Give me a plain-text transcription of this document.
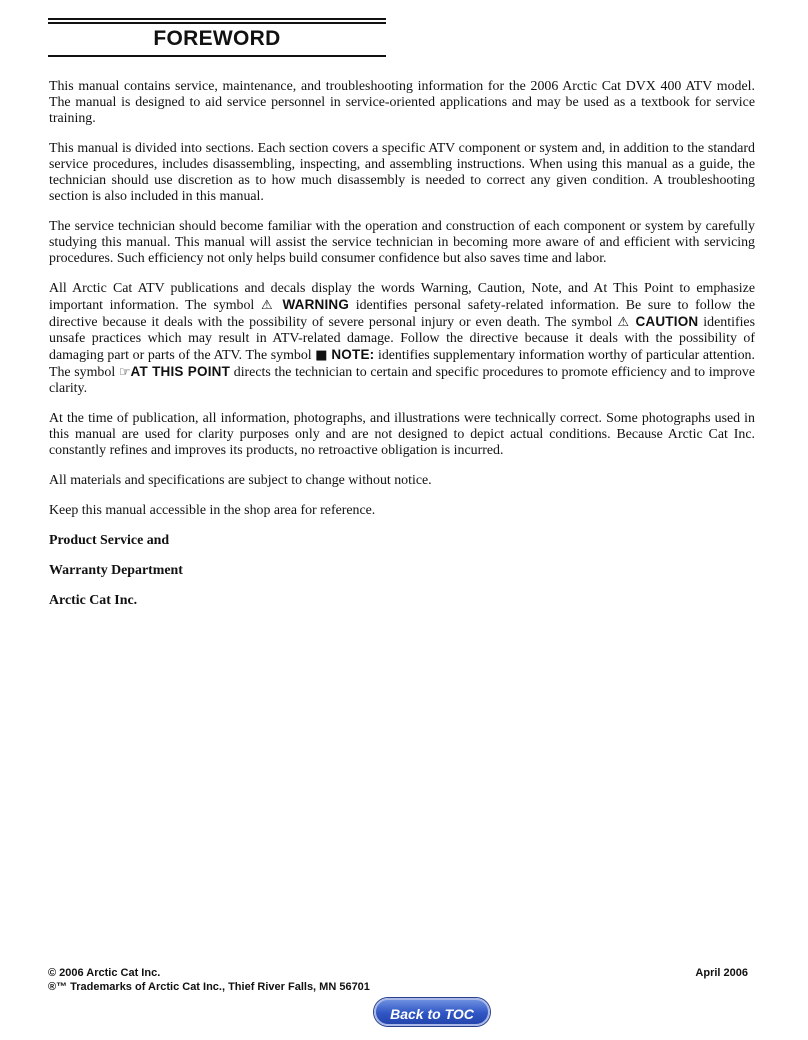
FOREWORD

This manual contains service, maintenance, and troubleshooting information for the 2006 Arctic Cat DVX 400 ATV model. The manual is designed to aid service personnel in service-oriented applications and may be used as a textbook for service training.

This manual is divided into sections. Each section covers a specific ATV component or system and, in addition to the standard service procedures, includes disassembling, inspecting, and assembling instructions. When using this manual as a guide, the technician should use discretion as to how much disassembly is needed to correct any given condition. A troubleshooting section is also included in this manual.

The service technician should become familiar with the operation and construction of each component or system by carefully studying this manual. This manual will assist the service technician in becoming more aware of and efficient with servicing procedures. Such efficiency not only helps build consumer confidence but also saves time and labor.

All Arctic Cat ATV publications and decals display the words Warning, Caution, Note, and At This Point to emphasize important information. The symbol ⚠ WARNING identifies personal safety-related information. Be sure to follow the directive because it deals with the possibility of severe personal injury or even death. The symbol ⚠ CAUTION identifies unsafe practices which may result in ATV-related damage. Follow the directive because it deals with the possibility of damaging part or parts of the ATV. The symbol ■ NOTE: identifies supplementary information worthy of particular attention. The symbol ☞AT THIS POINT directs the technician to certain and specific procedures to promote efficiency and to improve clarity.

At the time of publication, all information, photographs, and illustrations were technically correct. Some photographs used in this manual are used for clarity purposes only and are not designed to depict actual conditions. Because Arctic Cat Inc. constantly refines and improves its products, no retroactive obligation is incurred.

All materials and specifications are subject to change without notice.

Keep this manual accessible in the shop area for reference.

Product Service and

Warranty Department

Arctic Cat Inc.

© 2006 Arctic Cat Inc.
®™ Trademarks of Arctic Cat Inc., Thief River Falls, MN 56701
April 2006
Back to TOC
